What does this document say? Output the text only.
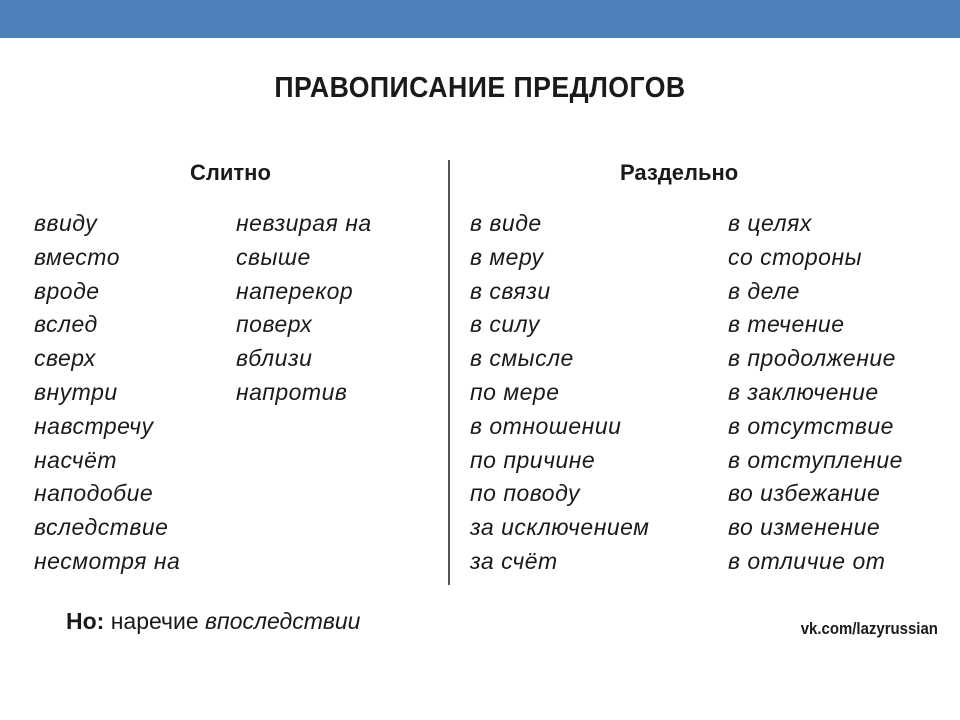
ПРАВОПИСАНИЕ ПРЕДЛОГОВ
Слитно	Раздельно
ввиду
вместо
вроде
вслед
сверх
внутри
навстречу
насчёт
наподобие
вследствие
несмотря на
невзирая на
свыше
наперекор
поверх
вблизи
напротив
в виде
в меру
в связи
в силу
в смысле
по мере
в отношении
по причине
по поводу
за исключением
за счёт
в целях
со стороны
в деле
в течение
в продолжение
в заключение
в отсутствие
в отступление
во избежание
во изменение
в отличие от
Но: наречие впоследствии	vk.com/lazyrussian
